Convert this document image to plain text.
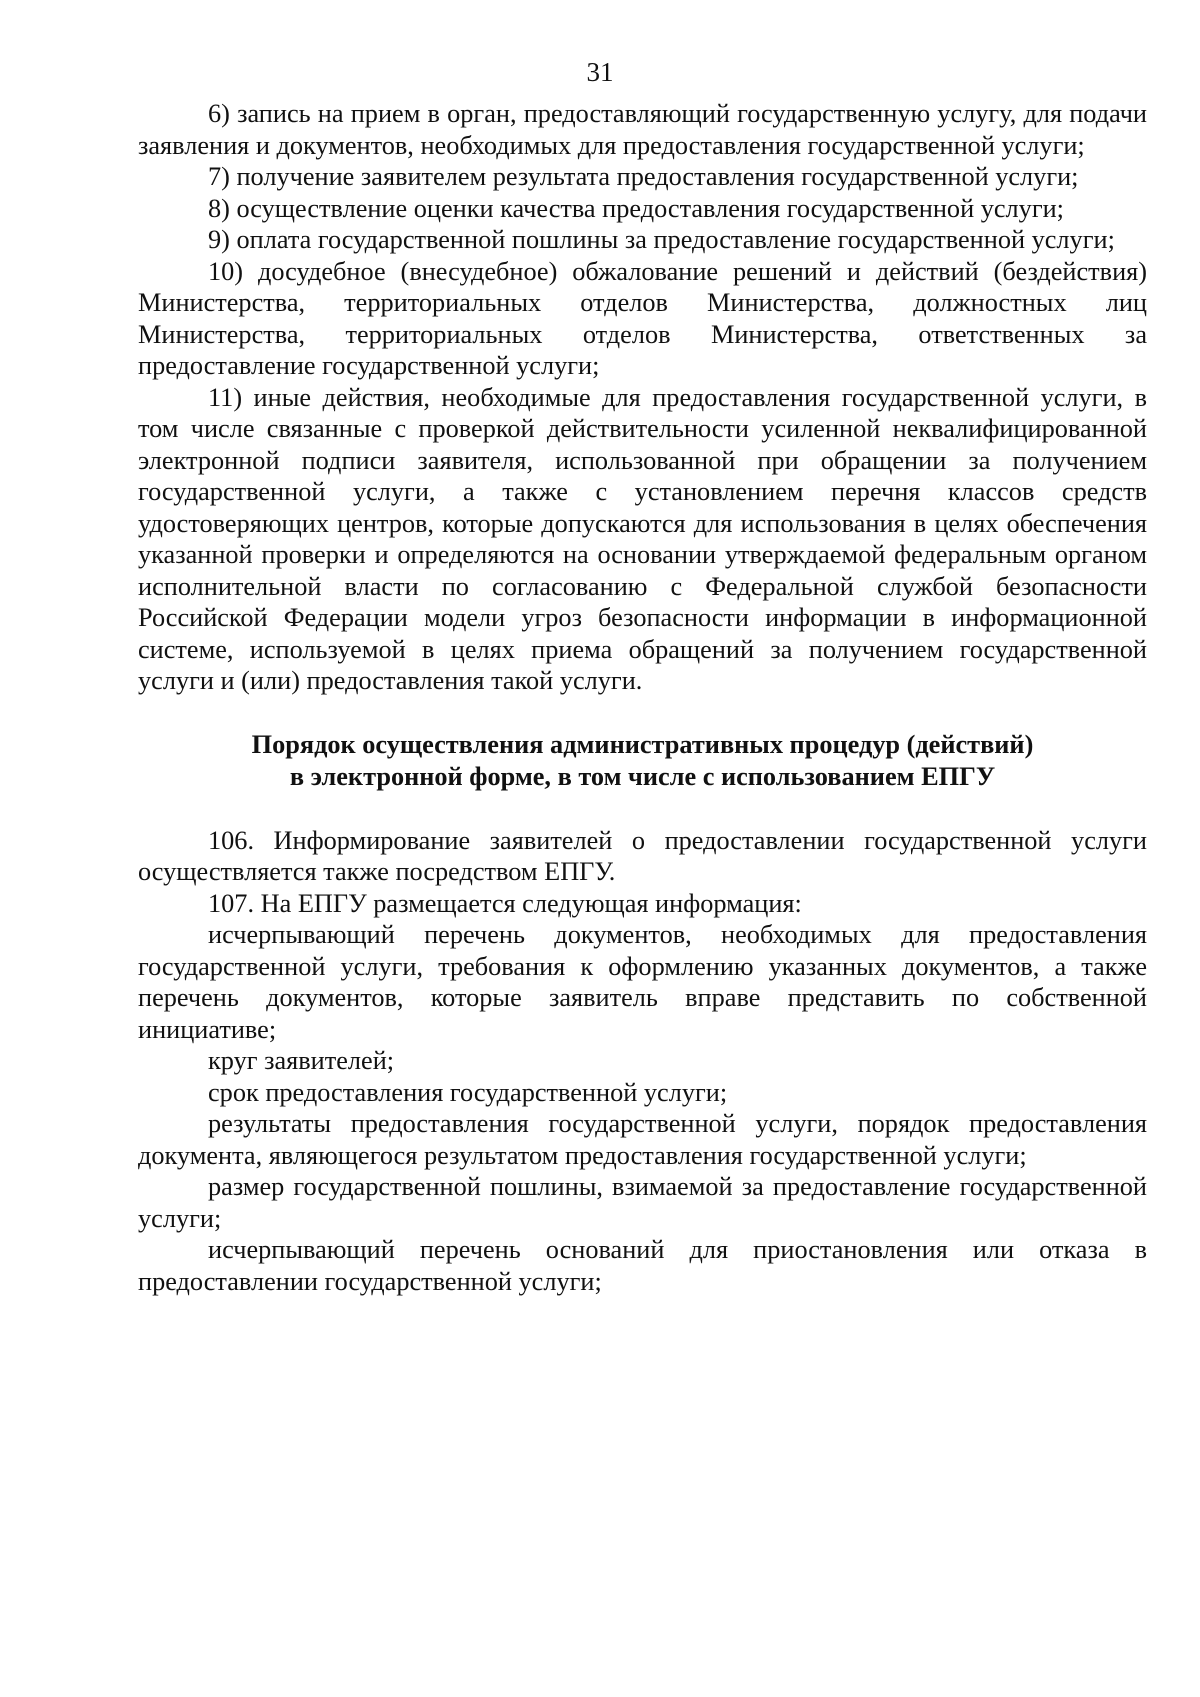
31

6) запись на прием в орган, предоставляющий государственную услугу, для подачи заявления и документов, необходимых для предоставления государственной услуги;

7) получение заявителем результата предоставления государственной услуги;

8) осуществление оценки качества предоставления государственной услуги;

9) оплата государственной пошлины за предоставление государственной услуги;

10) досудебное (внесудебное) обжалование решений и действий (бездействия) Министерства, территориальных отделов Министерства, должностных лиц Министерства, территориальных отделов Министерства, ответственных за предоставление государственной услуги;

11) иные действия, необходимые для предоставления государственной услуги, в том числе связанные с проверкой действительности усиленной неквалифицированной электронной подписи заявителя, использованной при обращении за получением государственной услуги, а также с установлением перечня классов средств удостоверяющих центров, которые допускаются для использования в целях обеспечения указанной проверки и определяются на основании утверждаемой федеральным органом исполнительной власти по согласованию с Федеральной службой безопасности Российской Федерации модели угроз безопасности информации в информационной системе, используемой в целях приема обращений за получением государственной услуги и (или) предоставления такой услуги.

Порядок осуществления административных процедур (действий)
в электронной форме, в том числе с использованием ЕПГУ

106. Информирование заявителей о предоставлении государственной услуги осуществляется также посредством ЕПГУ.

107. На ЕПГУ размещается следующая информация:

исчерпывающий перечень документов, необходимых для предоставления государственной услуги, требования к оформлению указанных документов, а также перечень документов, которые заявитель вправе представить по собственной инициативе;

круг заявителей;

срок предоставления государственной услуги;

результаты предоставления государственной услуги, порядок предоставления документа, являющегося результатом предоставления государственной услуги;

размер государственной пошлины, взимаемой за предоставление государственной услуги;

исчерпывающий перечень оснований для приостановления или отказа в предоставлении государственной услуги;
